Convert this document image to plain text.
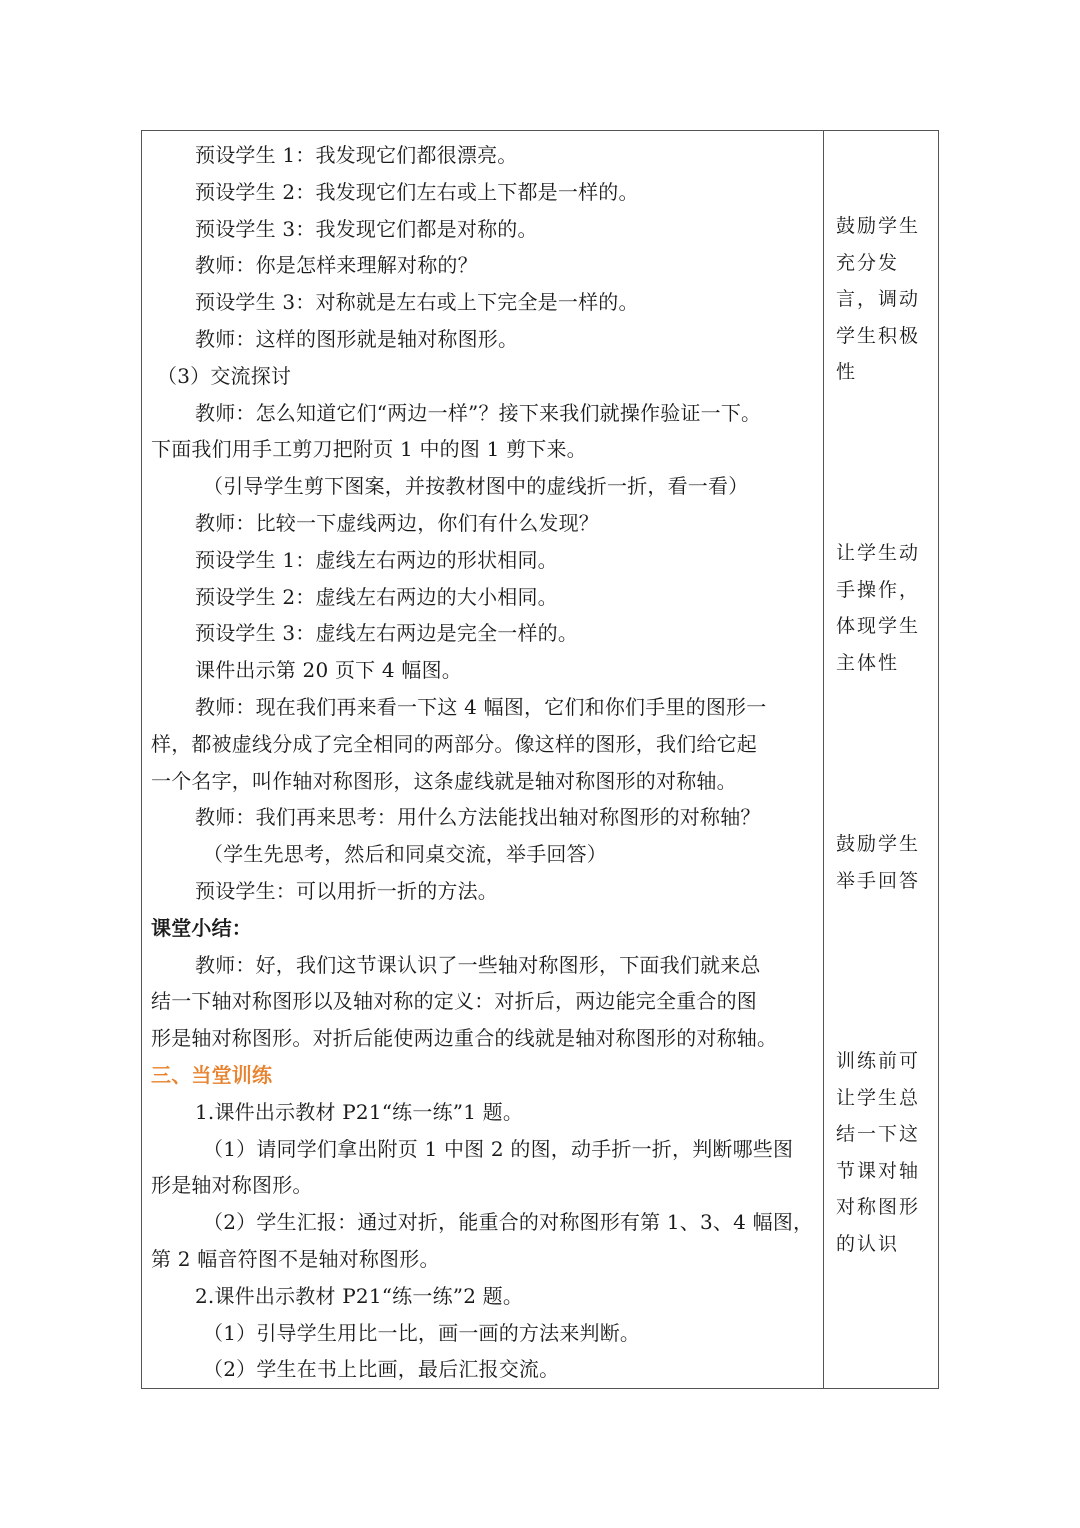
预设学生 1：我发现它们都很漂亮。
预设学生 2：我发现它们左右或上下都是一样的。
预设学生 3：我发现它们都是对称的。
教师：你是怎样来理解对称的？
预设学生 3：对称就是左右或上下完全是一样的。
教师：这样的图形就是轴对称图形。
（3）交流探讨
教师：怎么知道它们“两边一样”？接下来我们就操作验证一下。
下面我们用手工剪刀把附页 1 中的图 1 剪下来。
（引导学生剪下图案，并按教材图中的虚线折一折，看一看）
教师：比较一下虚线两边，你们有什么发现？
预设学生 1：虚线左右两边的形状相同。
预设学生 2：虚线左右两边的大小相同。
预设学生 3：虚线左右两边是完全一样的。
课件出示第 20 页下 4 幅图。
教师：现在我们再来看一下这 4 幅图，它们和你们手里的图形一
样，都被虚线分成了完全相同的两部分。像这样的图形，我们给它起
一个名字，叫作轴对称图形，这条虚线就是轴对称图形的对称轴。
教师：我们再来思考：用什么方法能找出轴对称图形的对称轴？
（学生先思考，然后和同桌交流，举手回答）
预设学生：可以用折一折的方法。
课堂小结：
教师：好，我们这节课认识了一些轴对称图形，下面我们就来总
结一下轴对称图形以及轴对称的定义：对折后，两边能完全重合的图
形是轴对称图形。对折后能使两边重合的线就是轴对称图形的对称轴。
三、当堂训练
1.课件出示教材 P21“练一练”1 题。
（1）请同学们拿出附页 1 中图 2 的图，动手折一折，判断哪些图
形是轴对称图形。
（2）学生汇报：通过对折，能重合的对称图形有第 1、3、4 幅图，
第 2 幅音符图不是轴对称图形。
2.课件出示教材 P21“练一练”2 题。
（1）引导学生用比一比，画一画的方法来判断。
（2）学生在书上比画，最后汇报交流。
鼓励学生
充分发
言，调动
学生积极
性
让学生动
手操作，
体现学生
主体性
鼓励学生
举手回答
训练前可
让学生总
结一下这
节课对轴
对称图形
的认识
